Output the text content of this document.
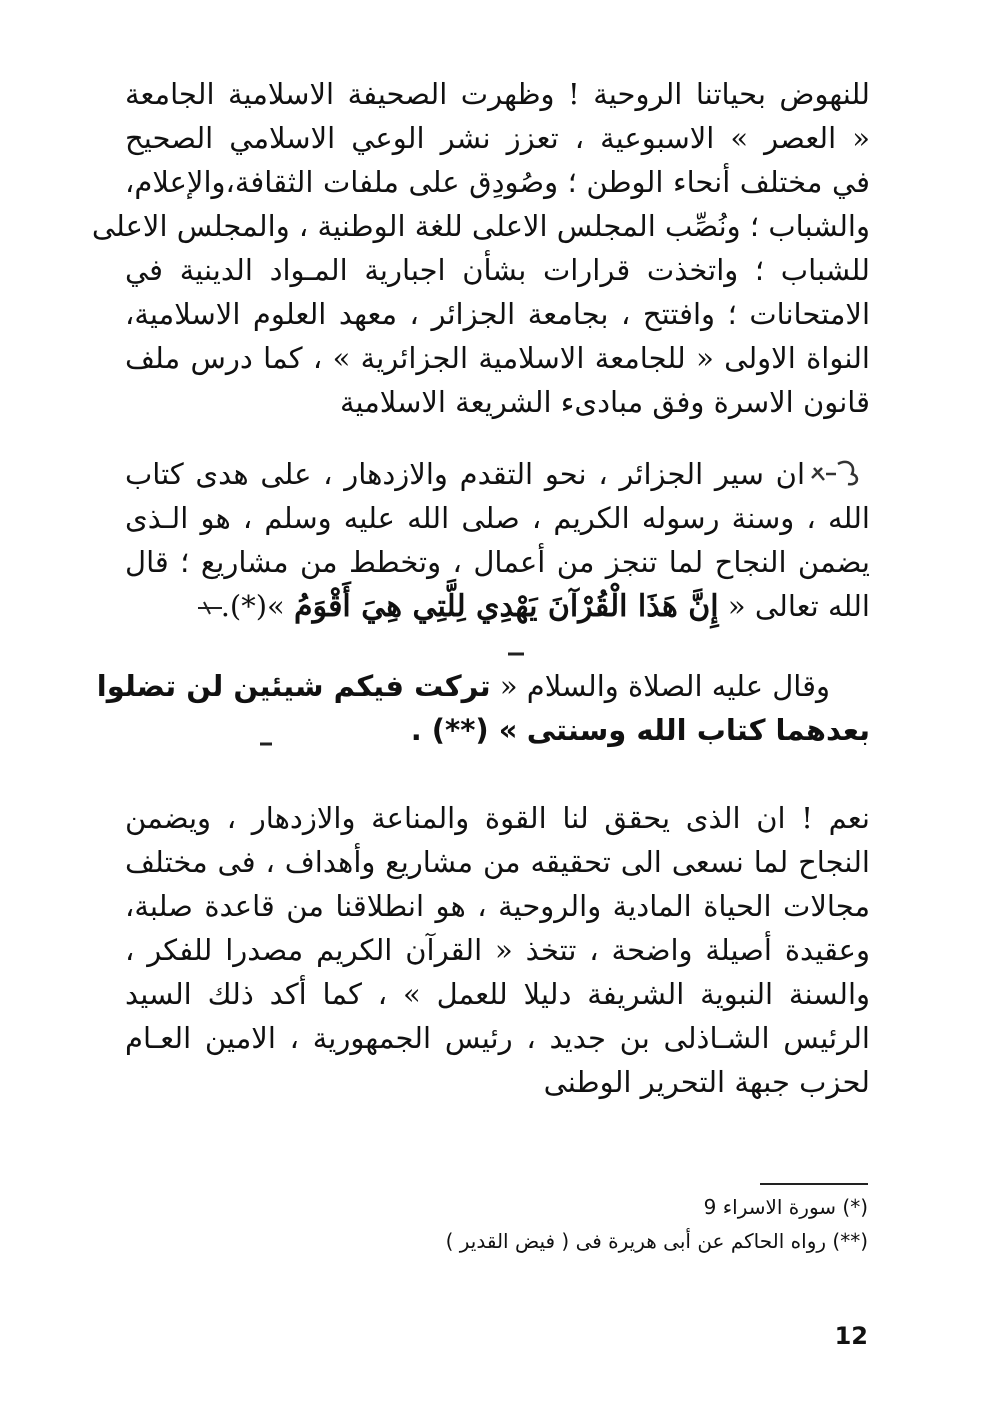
للنهوض بحياتنا الروحية ! وظهرت الصحيفة الاسلامية الجامعة
« العصر » الاسبوعية ، تعزز نشر الوعي الاسلامي الصحيح
في مختلف أنحاء الوطن ؛ وصُودِق على ملفات الثقافة،والإعلام،
والشباب ؛ ونُصِّب المجلس الاعلى للغة الوطنية ، والمجلس الاعلى
للشباب ؛ واتخذت قرارات بشأن اجبارية المـواد الدينية في
الامتحانات ؛ وافتتح ، بجامعة الجزائر ، معهد العلوم الاسلامية،
النواة الاولى « للجامعة الاسلامية الجزائرية » ، كما درس ملف
قانون الاسرة وفق مبادىء الشريعة الاسلامية
ان سير الجزائر ، نحو التقدم والازدهار ، على هدى كتاب
الله ، وسنة رسوله الكريم ، صلى الله عليه وسلم ، هو الـذى
يضمن النجاح لما تنجز من أعمال ، وتخطط من مشاريع ؛ قال
الله تعالى « إِنَّ هَذَا الْقُرْآنَ يَهْدِي لِلَّتِي هِيَ أَقْوَمُ »(*).
وقال عليه الصلاة والسلام « تركت فيكم شيئين لن تضلوا
بعدهما كتاب الله وسنتى » (**) .
نعم ! ان الذى يحقق لنا القوة والمناعة والازدهار ، ويضمن
النجاح لما نسعى الى تحقيقه من مشاريع وأهداف ، فى مختلف
مجالات الحياة المادية والروحية ، هو انطلاقنا من قاعدة صلبة،
وعقيدة أصيلة واضحة ، تتخذ « القرآن الكريم مصدرا للفكر ،
والسنة النبوية الشريفة دليلا للعمل » ، كما أكد ذلك السيد
الرئيس الشـاذلى بن جديد ، رئيس الجمهورية ، الامين العـام
لحزب جبهة التحرير الوطنى
(*) سورة الاسراء 9
(**) رواه الحاكم عن أبى هريرة فى ( فيض القدير )
12
